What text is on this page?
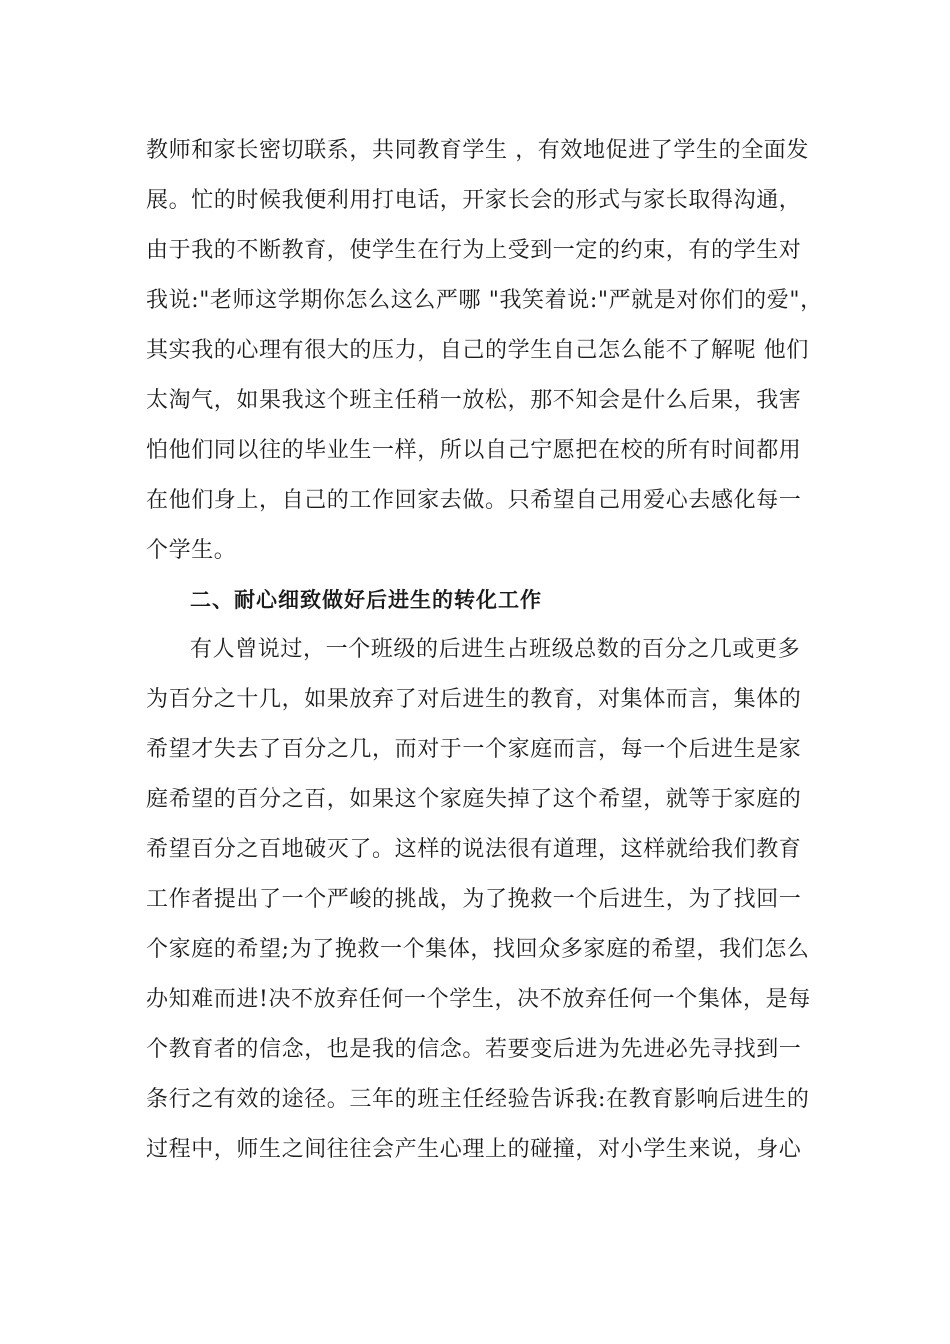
教师和家长密切联系，共同教育学生 ，有效地促进了学生的全面发
展。忙的时候我便利用打电话，开家长会的形式与家长取得沟通，
由于我的不断教育，使学生在行为上受到一定的约束，有的学生对
我说:"老师这学期你怎么这么严哪 "我笑着说:"严就是对你们的爱"，
其实我的心理有很大的压力，自己的学生自己怎么能不了解呢 他们
太淘气，如果我这个班主任稍一放松，那不知会是什么后果，我害
怕他们同以往的毕业生一样，所以自己宁愿把在校的所有时间都用
在他们身上，自己的工作回家去做。只希望自己用爱心去感化每一
个学生。
二、耐心细致做好后进生的转化工作
有人曾说过，一个班级的后进生占班级总数的百分之几或更多
为百分之十几，如果放弃了对后进生的教育，对集体而言，集体的
希望才失去了百分之几，而对于一个家庭而言，每一个后进生是家
庭希望的百分之百，如果这个家庭失掉了这个希望，就等于家庭的
希望百分之百地破灭了。这样的说法很有道理，这样就给我们教育
工作者提出了一个严峻的挑战，为了挽救一个后进生，为了找回一
个家庭的希望;为了挽救一个集体，找回众多家庭的希望，我们怎么
办知难而进!决不放弃任何一个学生，决不放弃任何一个集体，是每
个教育者的信念，也是我的信念。若要变后进为先进必先寻找到一
条行之有效的途径。三年的班主任经验告诉我:在教育影响后进生的
过程中，师生之间往往会产生心理上的碰撞，对小学生来说，身心
